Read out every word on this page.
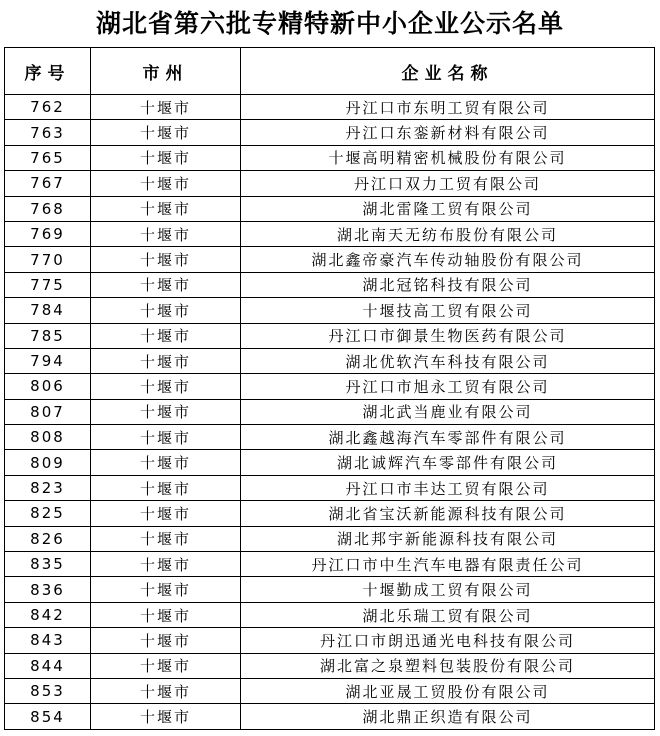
湖北省第六批专精特新中小企业公示名单
序号	市州	企业名称
762	十堰市	丹江口市东明工贸有限公司
763	十堰市	丹江口东銮新材料有限公司
765	十堰市	十堰高明精密机械股份有限公司
767	十堰市	丹江口双力工贸有限公司
768	十堰市	湖北雷隆工贸有限公司
769	十堰市	湖北南天无纺布股份有限公司
770	十堰市	湖北鑫帝豪汽车传动轴股份有限公司
775	十堰市	湖北冠铭科技有限公司
784	十堰市	十堰技高工贸有限公司
785	十堰市	丹江口市御景生物医药有限公司
794	十堰市	湖北优软汽车科技有限公司
806	十堰市	丹江口市旭永工贸有限公司
807	十堰市	湖北武当鹿业有限公司
808	十堰市	湖北鑫越海汽车零部件有限公司
809	十堰市	湖北诚辉汽车零部件有限公司
823	十堰市	丹江口市丰达工贸有限公司
825	十堰市	湖北省宝沃新能源科技有限公司
826	十堰市	湖北邦宇新能源科技有限公司
835	十堰市	丹江口市中生汽车电器有限责任公司
836	十堰市	十堰勤成工贸有限公司
842	十堰市	湖北乐瑞工贸有限公司
843	十堰市	丹江口市朗迅通光电科技有限公司
844	十堰市	湖北富之泉塑料包装股份有限公司
853	十堰市	湖北亚晟工贸股份有限公司
854	十堰市	湖北鼎正织造有限公司
